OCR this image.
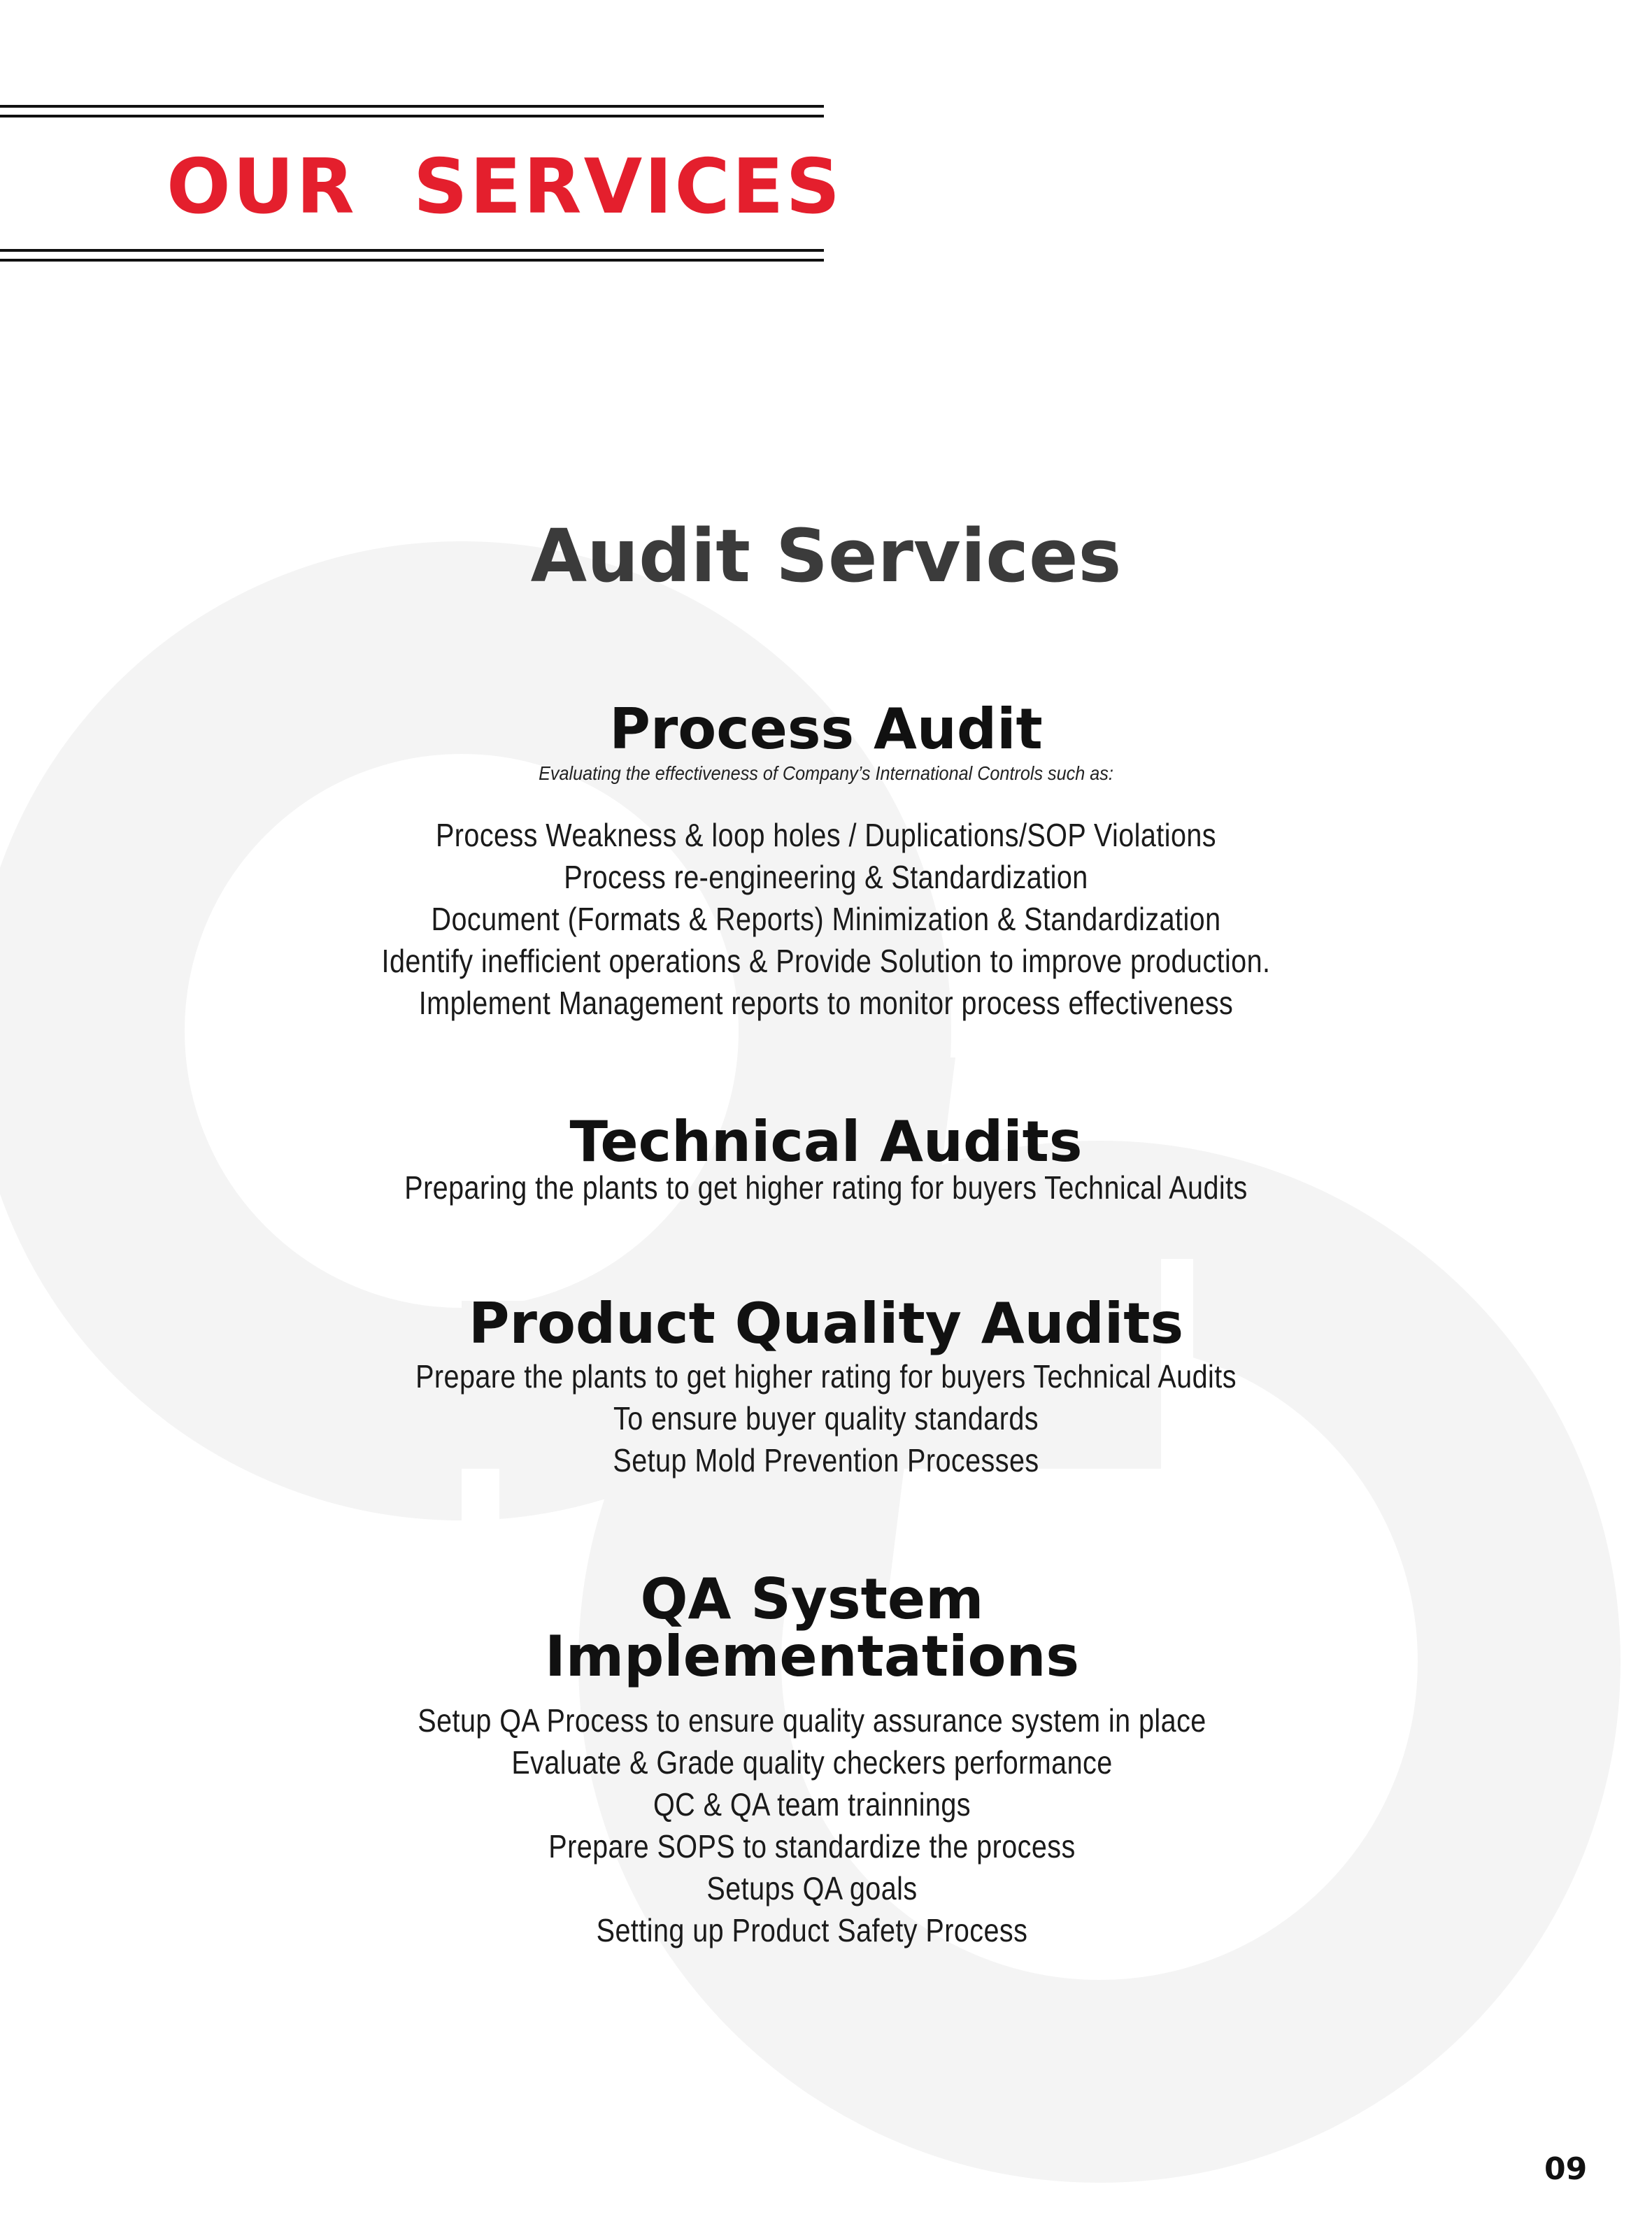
OUR  SERVICES
Audit Services
Process Audit

Evaluating the effectiveness of Company’s International Controls such as:

Process Weakness & loop holes / Duplications/SOP Violations
Process re-engineering & Standardization
Document (Formats & Reports) Minimization & Standardization
Identify inefficient operations & Provide Solution to improve production.
Implement Management reports to monitor process effectiveness
Technical Audits
Preparing the plants to get higher rating for buyers Technical Audits
Product Quality Audits
Prepare the plants to get higher rating for buyers Technical Audits
To ensure buyer quality standards
Setup Mold Prevention Processes
QA System
Implementations
Setup QA Process to ensure quality assurance system in place
Evaluate & Grade quality checkers performance
QC & QA team trainnings
Prepare SOPS to standardize the process
Setups QA goals
Setting up Product Safety Process

09
